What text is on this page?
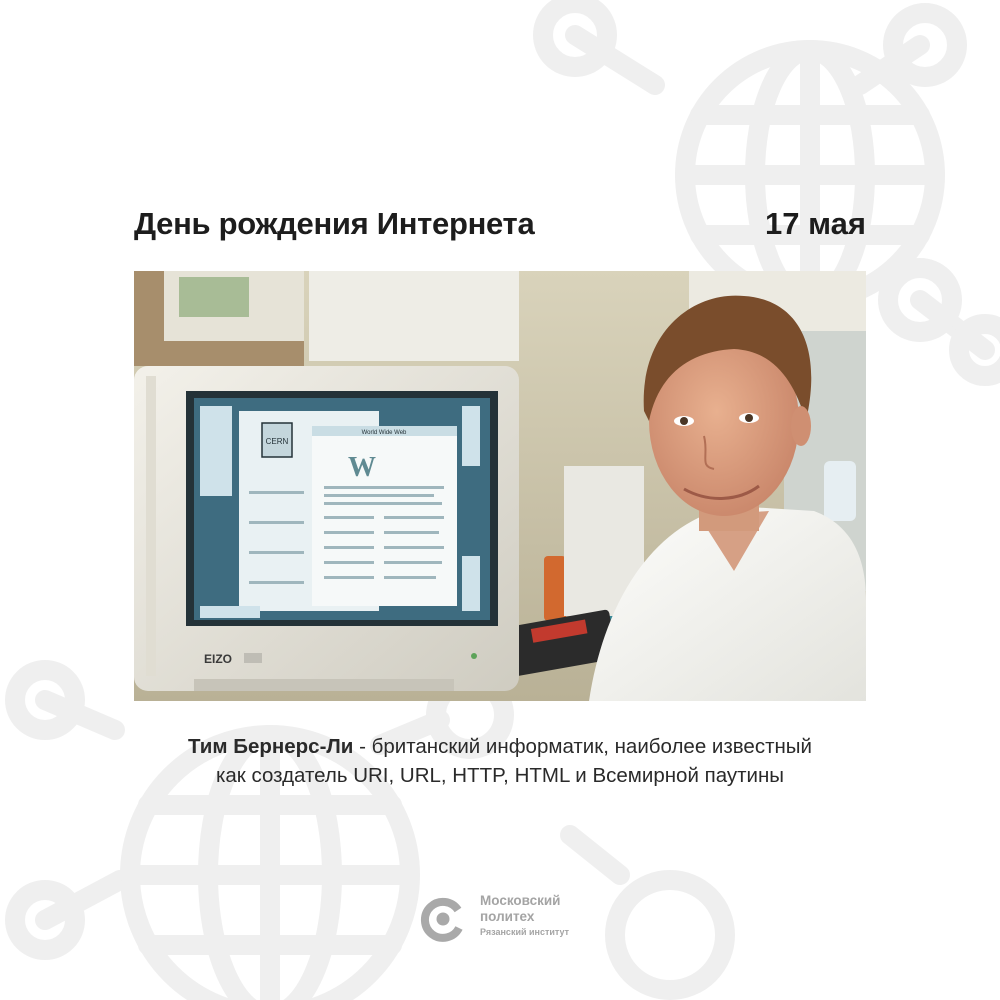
День рождения Интернета	17 мая
CERN
World Wide Web
W
EIZO
Тим Бернерс-Ли - британский информатик, наиболее известный
как создатель URI, URL, HTTP, HTML и Всемирной паутины
Московский
политех
Рязанский институт
